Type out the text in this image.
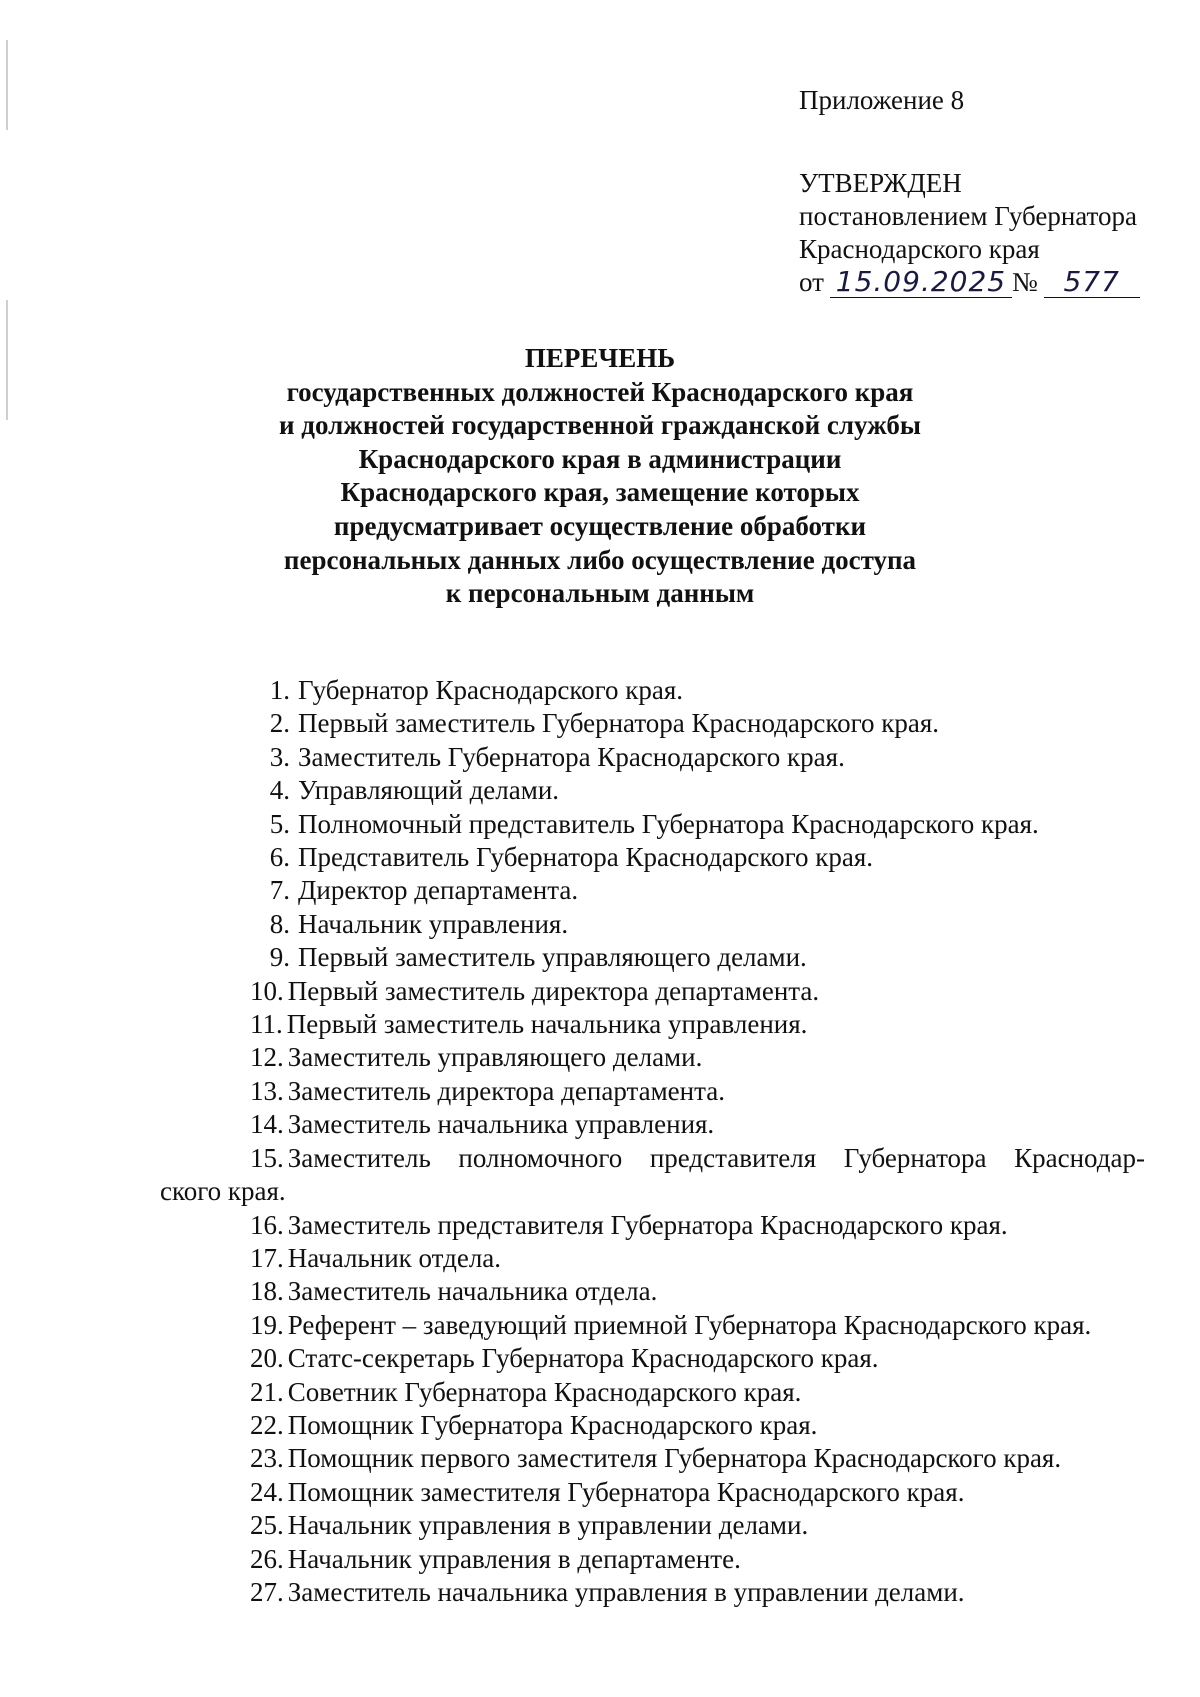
Приложение 8
УТВЕРЖДЕН
постановлением Губернатора
Краснодарского края
от 15.09.2025 № 577
ПЕРЕЧЕНЬ
государственных должностей Краснодарского края
и должностей государственной гражданской службы
Краснодарского края в администрации
Краснодарского края, замещение которых
предусматривает осуществление обработки
персональных данных либо осуществление доступа
к персональным данным
1. Губернатор Краснодарского края.
2. Первый заместитель Губернатора Краснодарского края.
3. Заместитель Губернатора Краснодарского края.
4. Управляющий делами.
5. Полномочный представитель Губернатора Краснодарского края.
6. Представитель Губернатора Краснодарского края.
7. Директор департамента.
8. Начальник управления.
9. Первый заместитель управляющего делами.
10. Первый заместитель директора департамента.
11. Первый заместитель начальника управления.
12. Заместитель управляющего делами.
13. Заместитель директора департамента.
14. Заместитель начальника управления.
15. Заместитель полномочного представителя Губернатора Краснодар-
ского края.
16. Заместитель представителя Губернатора Краснодарского края.
17. Начальник отдела.
18. Заместитель начальника отдела.
19. Референт – заведующий приемной Губернатора Краснодарского края.
20. Статс-секретарь Губернатора Краснодарского края.
21. Советник Губернатора Краснодарского края.
22. Помощник Губернатора Краснодарского края.
23. Помощник первого заместителя Губернатора Краснодарского края.
24. Помощник заместителя Губернатора Краснодарского края.
25. Начальник управления в управлении делами.
26. Начальник управления в департаменте.
27. Заместитель начальника управления в управлении делами.
